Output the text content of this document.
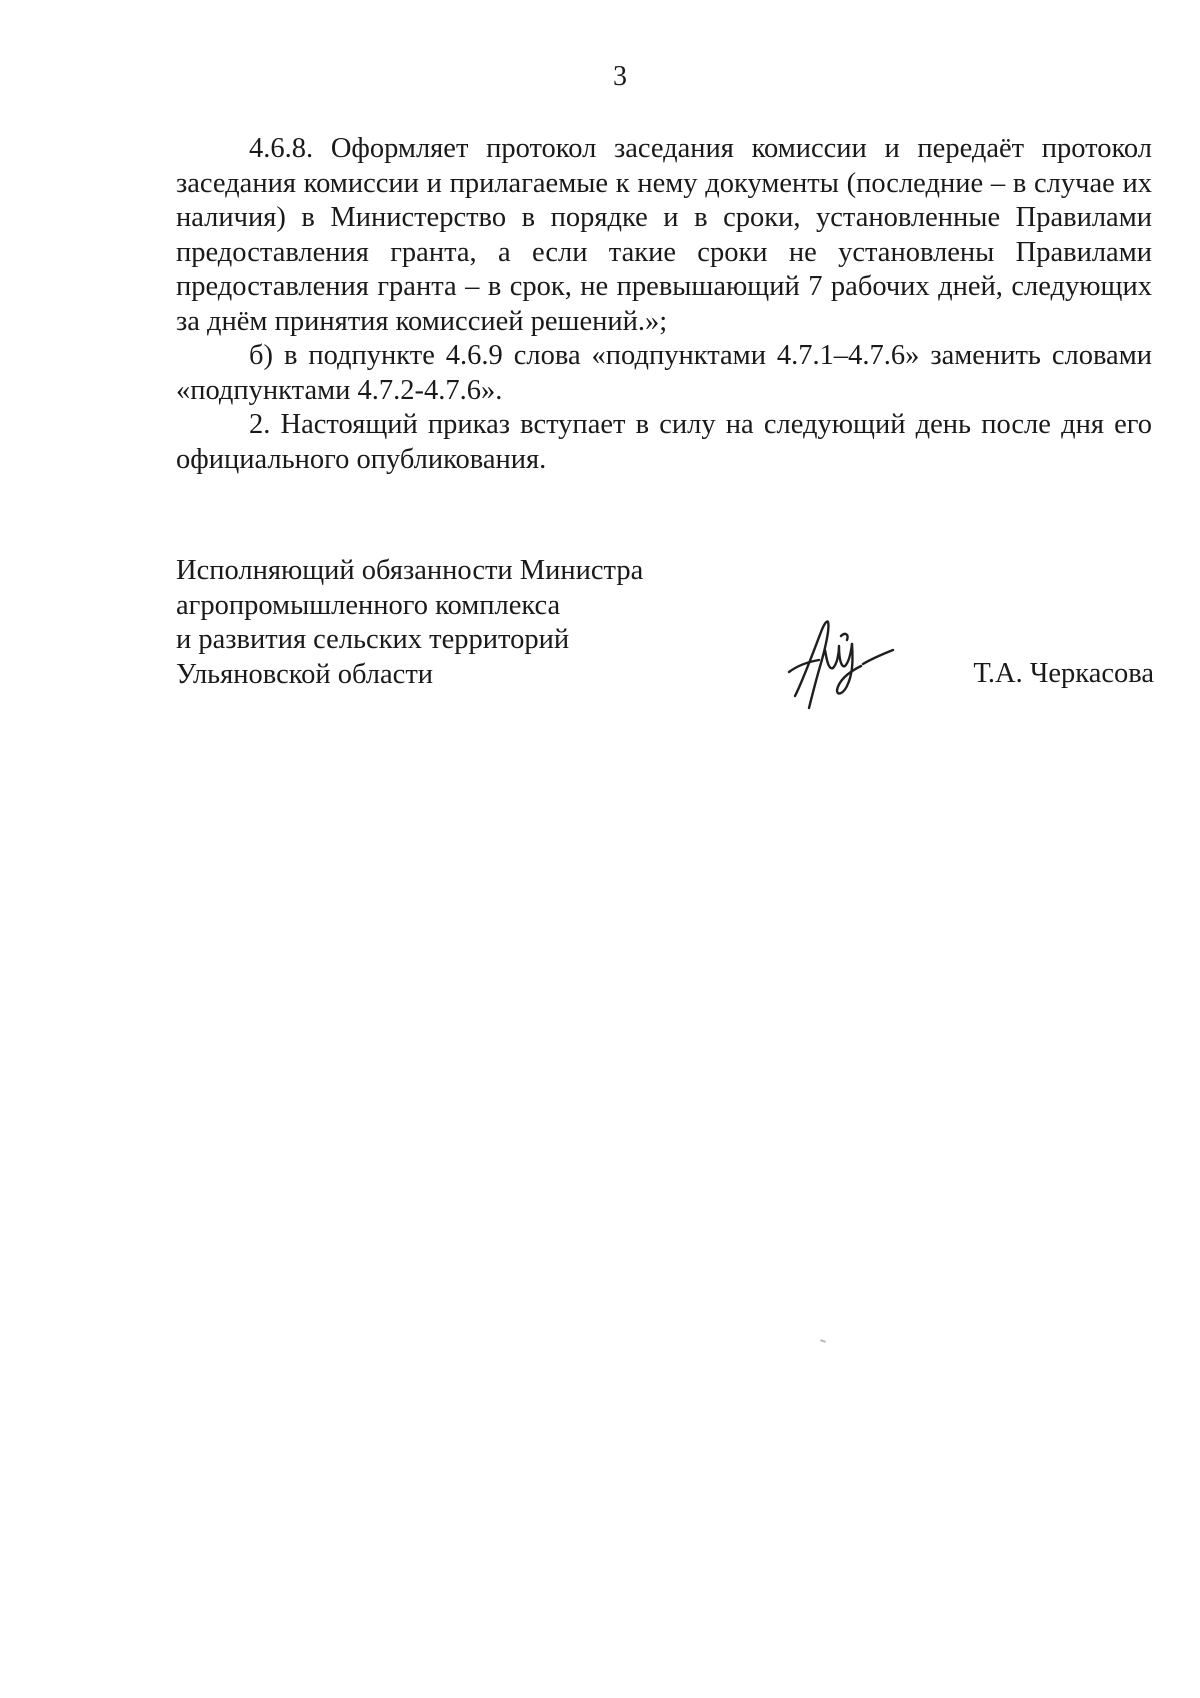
3

4.6.8. Оформляет протокол заседания комиссии и передаёт протокол заседания комиссии и прилагаемые к нему документы (последние – в случае их наличия) в Министерство в порядке и в сроки, установленные Правилами предоставления гранта, а если такие сроки не установлены Правилами предоставления гранта – в срок, не превышающий 7 рабочих дней, следующих за днём принятия комиссией решений.»;

б) в подпункте 4.6.9 слова «подпунктами 4.7.1–4.7.6» заменить словами «подпунктами 4.7.2-4.7.6».

2. Настоящий приказ вступает в силу на следующий день после дня его официального опубликования.

Исполняющий обязанности Министра
агропромышленного комплекса
и развития сельских территорий
Ульяновской области	Т.А. Черкасова
